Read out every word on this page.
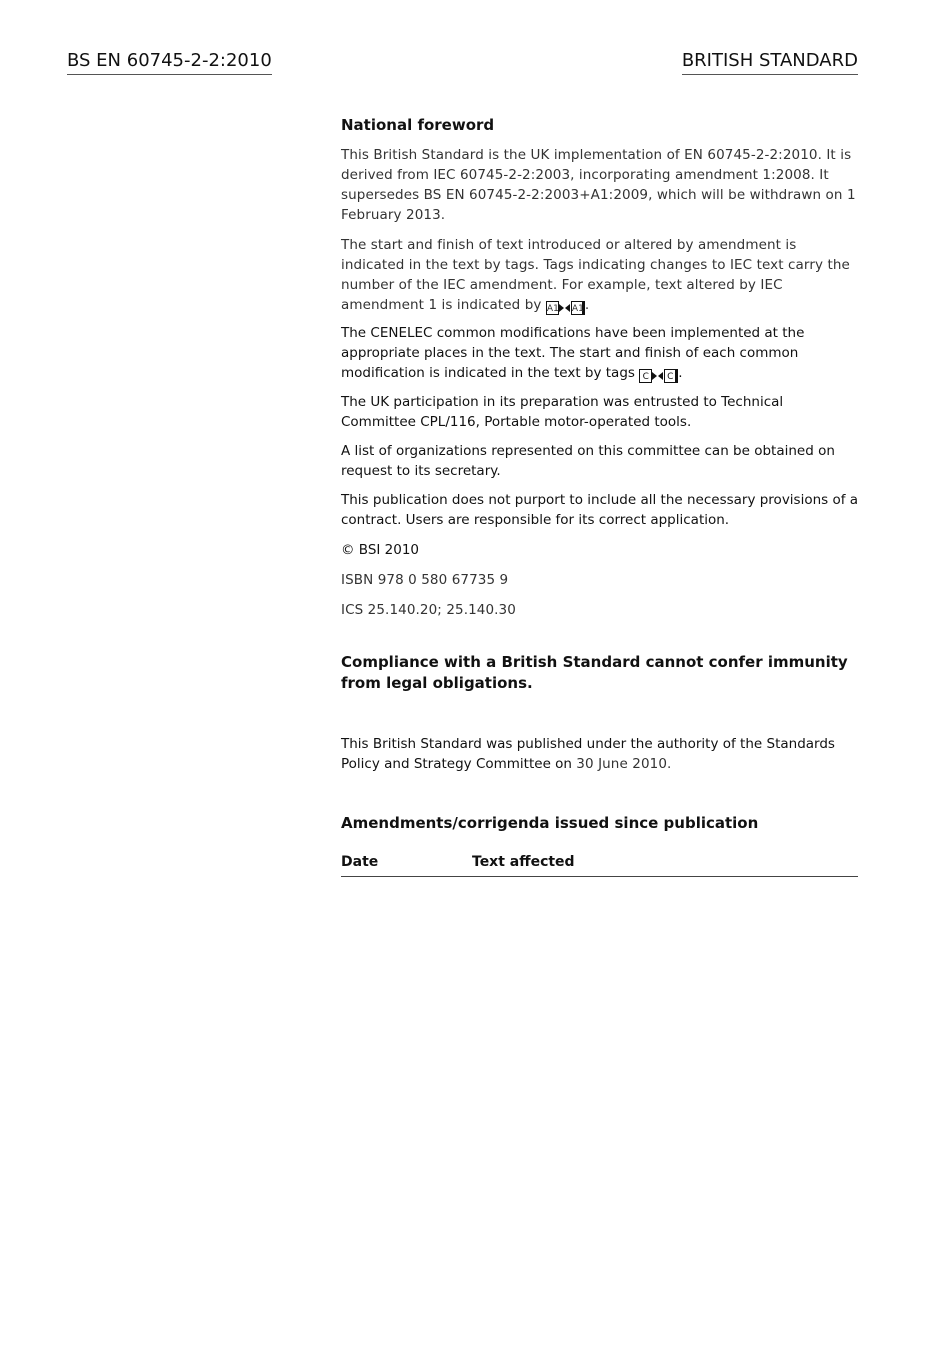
BS EN 60745-2-2:2010	BRITISH STANDARD

National foreword

This British Standard is the UK implementation of EN 60745-2-2:2010. It is derived from IEC 60745-2-2:2003, incorporating amendment 1:2008. It supersedes BS EN 60745-2-2:2003+A1:2009, which will be withdrawn on 1 February 2013.

The start and finish of text introduced or altered by amendment is indicated in the text by tags. Tags indicating changes to IEC text carry the number of the IEC amendment. For example, text altered by IEC amendment 1 is indicated by A1 A1.

The CENELEC common modifications have been implemented at the appropriate places in the text. The start and finish of each common modification is indicated in the text by tags C C .

The UK participation in its preparation was entrusted to Technical Committee CPL/116, Portable motor-operated tools.

A list of organizations represented on this committee can be obtained on request to its secretary.

This publication does not purport to include all the necessary provisions of a contract. Users are responsible for its correct application.

© BSI 2010

ISBN 978 0 580 67735 9

ICS 25.140.20; 25.140.30

Compliance with a British Standard cannot confer immunity from legal obligations.

This British Standard was published under the authority of the Standards Policy and Strategy Committee on 30 June 2010.

Amendments/corrigenda issued since publication

Date	Text affected
